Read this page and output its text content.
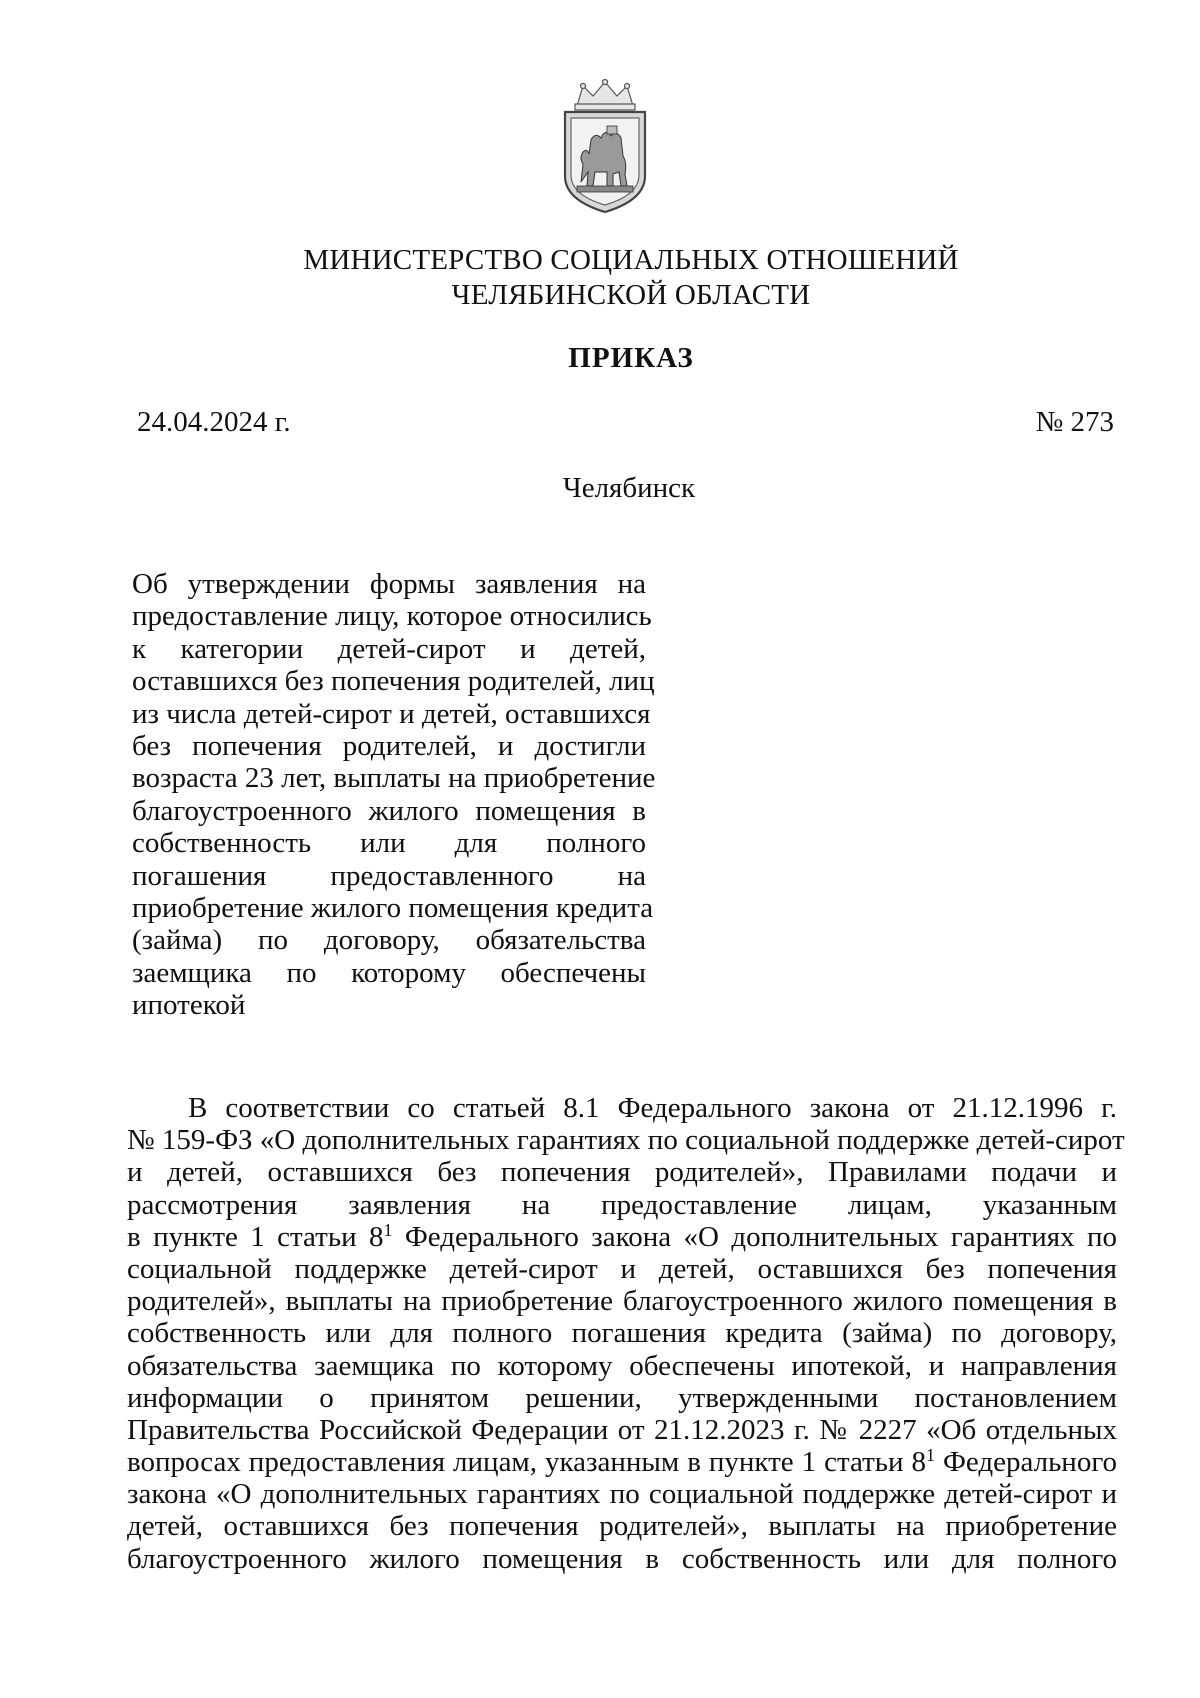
МИНИСТЕРСТВО СОЦИАЛЬНЫХ ОТНОШЕНИЙ
ЧЕЛЯБИНСКОЙ ОБЛАСТИ
ПРИКАЗ
24.04.2024 г.	№ 273
Челябинск
Об утверждении формы заявления на
предоставление лицу, которое относились
к категории детей-сирот и детей,
оставшихся без попечения родителей, лиц
из числа детей-сирот и детей, оставшихся
без попечения родителей, и достигли
возраста 23 лет, выплаты на приобретение
благоустроенного жилого помещения в
собственность или для полного
погашения предоставленного на
приобретение жилого помещения кредита
(займа) по договору, обязательства
заемщика по которому обеспечены
ипотекой
В соответствии со статьей 8.1 Федерального закона от 21.12.1996 г.
№ 159-ФЗ «О дополнительных гарантиях по социальной поддержке детей-сирот
и детей, оставшихся без попечения родителей», Правилами подачи и
рассмотрения заявления на предоставление лицам, указанным
в пункте 1 статьи $8^1$ Федерального закона «О дополнительных гарантиях по
социальной поддержке детей-сирот и детей, оставшихся без попечения
родителей», выплаты на приобретение благоустроенного жилого помещения в
собственность или для полного погашения кредита (займа) по договору,
обязательства заемщика по которому обеспечены ипотекой, и направления
информации о принятом решении, утвержденными постановлением
Правительства Российской Федерации от 21.12.2023 г. № 2227 «Об отдельных
вопросах предоставления лицам, указанным в пункте 1 статьи $8^1$ Федерального
закона «О дополнительных гарантиях по социальной поддержке детей-сирот и
детей, оставшихся без попечения родителей», выплаты на приобретение
благоустроенного жилого помещения в собственность или для полного
